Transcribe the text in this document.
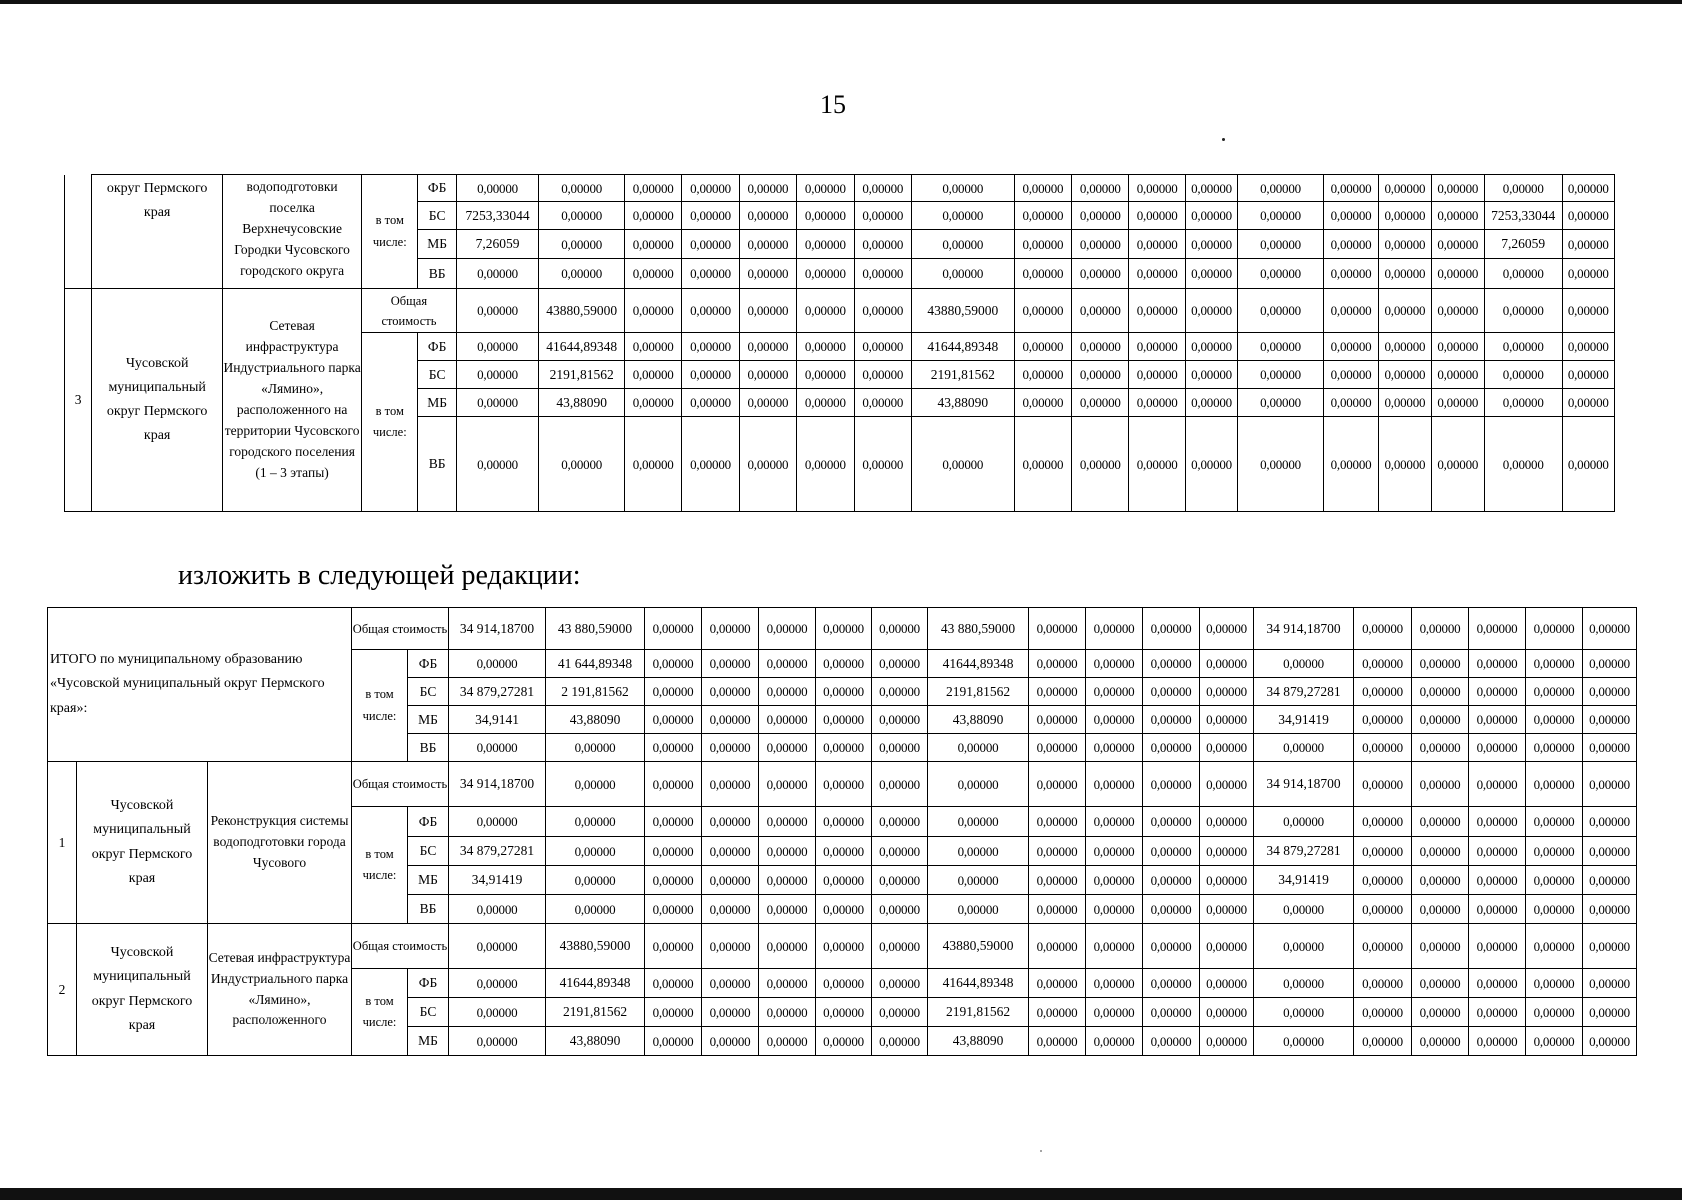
15
	округ Пермского края	водоподготовки поселка Верхнечусовские Городки Чусовского городского округа	в том числе:	ФБ	0,00000	0,00000	0,00000	0,00000	0,00000	0,00000	0,00000	0,00000	0,00000	0,00000	0,00000	0,00000	0,00000	0,00000	0,00000	0,00000	0,00000	0,00000
				БС	7253,33044	0,00000	0,00000	0,00000	0,00000	0,00000	0,00000	0,00000	0,00000	0,00000	0,00000	0,00000	0,00000	0,00000	0,00000	0,00000	7253,33044	0,00000
				МБ	7,26059	0,00000	0,00000	0,00000	0,00000	0,00000	0,00000	0,00000	0,00000	0,00000	0,00000	0,00000	0,00000	0,00000	0,00000	0,00000	7,26059	0,00000
				ВБ	0,00000	0,00000	0,00000	0,00000	0,00000	0,00000	0,00000	0,00000	0,00000	0,00000	0,00000	0,00000	0,00000	0,00000	0,00000	0,00000	0,00000	0,00000
3	Чусовской муниципальный округ Пермского края	Сетевая инфраструктура Индустриального парка «Лямино», расположенного на территории Чусовского городского поселения (1 – 3 этапы)	Общая стоимость		0,00000	43880,59000	0,00000	0,00000	0,00000	0,00000	0,00000	43880,59000	0,00000	0,00000	0,00000	0,00000	0,00000	0,00000	0,00000	0,00000	0,00000	0,00000
			в том числе:	ФБ	0,00000	41644,89348	0,00000	0,00000	0,00000	0,00000	0,00000	41644,89348	0,00000	0,00000	0,00000	0,00000	0,00000	0,00000	0,00000	0,00000	0,00000	0,00000
				БС	0,00000	2191,81562	0,00000	0,00000	0,00000	0,00000	0,00000	2191,81562	0,00000	0,00000	0,00000	0,00000	0,00000	0,00000	0,00000	0,00000	0,00000	0,00000
				МБ	0,00000	43,88090	0,00000	0,00000	0,00000	0,00000	0,00000	43,88090	0,00000	0,00000	0,00000	0,00000	0,00000	0,00000	0,00000	0,00000	0,00000	0,00000
				ВБ	0,00000	0,00000	0,00000	0,00000	0,00000	0,00000	0,00000	0,00000	0,00000	0,00000	0,00000	0,00000	0,00000	0,00000	0,00000	0,00000	0,00000	0,00000
изложить в следующей редакции:
ИТОГО по муниципальному образованию «Чусовской муниципальный округ Пермского края»:			Общая стоимость		34 914,18700	43 880,59000	0,00000	0,00000	0,00000	0,00000	0,00000	43 880,59000	0,00000	0,00000	0,00000	0,00000	34 914,18700	0,00000	0,00000	0,00000	0,00000	0,00000
			в том числе:	ФБ	0,00000	41 644,89348	0,00000	0,00000	0,00000	0,00000	0,00000	41644,89348	0,00000	0,00000	0,00000	0,00000	0,00000	0,00000	0,00000	0,00000	0,00000	0,00000
				БС	34 879,27281	2 191,81562	0,00000	0,00000	0,00000	0,00000	0,00000	2191,81562	0,00000	0,00000	0,00000	0,00000	34 879,27281	0,00000	0,00000	0,00000	0,00000	0,00000
				МБ	34,9141	43,88090	0,00000	0,00000	0,00000	0,00000	0,00000	43,88090	0,00000	0,00000	0,00000	0,00000	34,91419	0,00000	0,00000	0,00000	0,00000	0,00000
				ВБ	0,00000	0,00000	0,00000	0,00000	0,00000	0,00000	0,00000	0,00000	0,00000	0,00000	0,00000	0,00000	0,00000	0,00000	0,00000	0,00000	0,00000	0,00000
1	Чусовской муниципальный округ Пермского края	Реконструкция системы водоподготовки города Чусового	Общая стоимость		34 914,18700	0,00000	0,00000	0,00000	0,00000	0,00000	0,00000	0,00000	0,00000	0,00000	0,00000	0,00000	34 914,18700	0,00000	0,00000	0,00000	0,00000	0,00000
			в том числе:	ФБ	0,00000	0,00000	0,00000	0,00000	0,00000	0,00000	0,00000	0,00000	0,00000	0,00000	0,00000	0,00000	0,00000	0,00000	0,00000	0,00000	0,00000	0,00000
				БС	34 879,27281	0,00000	0,00000	0,00000	0,00000	0,00000	0,00000	0,00000	0,00000	0,00000	0,00000	0,00000	34 879,27281	0,00000	0,00000	0,00000	0,00000	0,00000
				МБ	34,91419	0,00000	0,00000	0,00000	0,00000	0,00000	0,00000	0,00000	0,00000	0,00000	0,00000	0,00000	34,91419	0,00000	0,00000	0,00000	0,00000	0,00000
				ВБ	0,00000	0,00000	0,00000	0,00000	0,00000	0,00000	0,00000	0,00000	0,00000	0,00000	0,00000	0,00000	0,00000	0,00000	0,00000	0,00000	0,00000	0,00000
2	Чусовской муниципальный округ Пермского края	Сетевая инфраструктура Индустриального парка «Лямино», расположенного	Общая стоимость		0,00000	43880,59000	0,00000	0,00000	0,00000	0,00000	0,00000	43880,59000	0,00000	0,00000	0,00000	0,00000	0,00000	0,00000	0,00000	0,00000	0,00000	0,00000
			в том числе:	ФБ	0,00000	41644,89348	0,00000	0,00000	0,00000	0,00000	0,00000	41644,89348	0,00000	0,00000	0,00000	0,00000	0,00000	0,00000	0,00000	0,00000	0,00000	0,00000
				БС	0,00000	2191,81562	0,00000	0,00000	0,00000	0,00000	0,00000	2191,81562	0,00000	0,00000	0,00000	0,00000	0,00000	0,00000	0,00000	0,00000	0,00000	0,00000
				МБ	0,00000	43,88090	0,00000	0,00000	0,00000	0,00000	0,00000	43,88090	0,00000	0,00000	0,00000	0,00000	0,00000	0,00000	0,00000	0,00000	0,00000	0,00000
